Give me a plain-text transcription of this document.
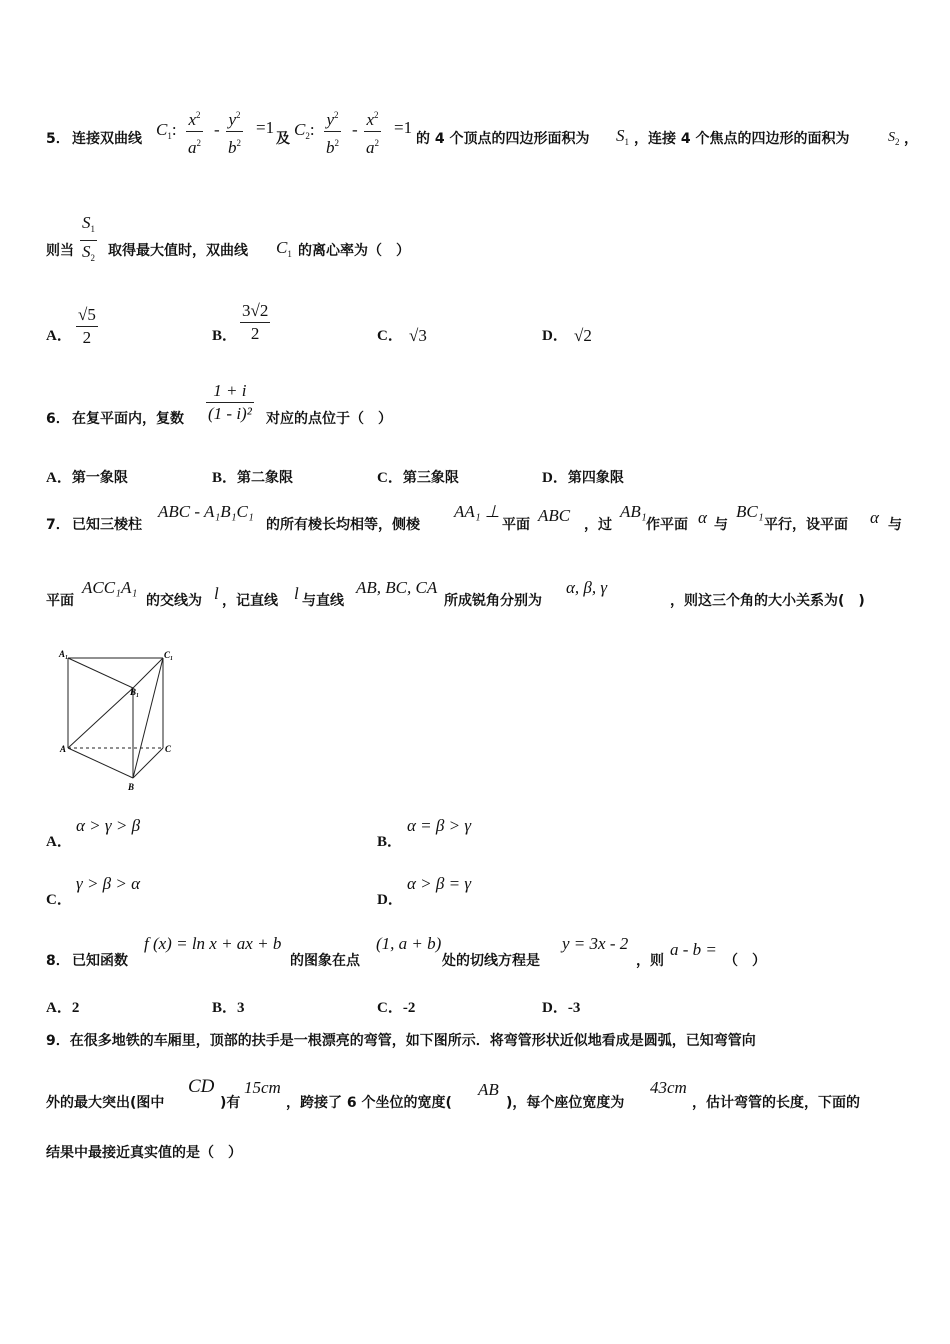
5． 连接双曲线 $C_1$: $\frac{x^2}{a^2} - \frac{y^2}{b^2} =1$
及 $C_2$: $\frac{y^2}{b^2} - \frac{x^2}{a^2} =1$
的 4 个顶点的四边形面积为 $S_1$ ，连接 4 个焦点的四边形的面积为	$S_2$ ，
则当 $\frac{S_1}{S_2}$ 取得最大值时，双曲线 $C_1$ 的离心率为（　）
A． $\frac{√5}{2}$	B． $\frac{3√2}{2}$	C． √3	D． √2
6． 在复平面内，复数 $\frac{1 + i}{\text{(1 - i)²}}$ 对应的点位于（　）
A．第一象限	B．第二象限	C．第三象限	D．第四象限
7． 已知三棱柱
ABC - A₁B₁C₁
的所有棱长均相等，侧棱
AA₁ ⊥
平面 ABC ，过
AB₁
作平面 α 与
BC₁
平行，设平面 α 与
平面
ACC₁A₁
的交线为 l ，记直线 l 与直线
AB, BC, CA
所成锐角分别为
α, β, γ
，则这三个角的大小关系为(　)
A₁	C₁
B₁
A	C
B
A．
α > γ > β
B．
α = β > γ
C．
γ > β > α
D．
α > β = γ
8． 已知函数
f (x) = ln x + ax + b
的图象在点
(1, a + b)
处的切线方程是
y = 3x - 2
，则
a - b =
（　）
A．2	B．3	C．-2	D．-3
9．在很多地铁的车厢里，顶部的扶手是一根漂亮的弯管，如下图所示．将弯管形状近似地看成是圆弧，已知弯管向
外的最大突出(图中
CD
)有
15cm
，跨接了 6 个坐位的宽度(
AB
)，每个座位宽度为
43cm
，估计弯管的长度，下面的
结果中最接近真实值的是（　）
